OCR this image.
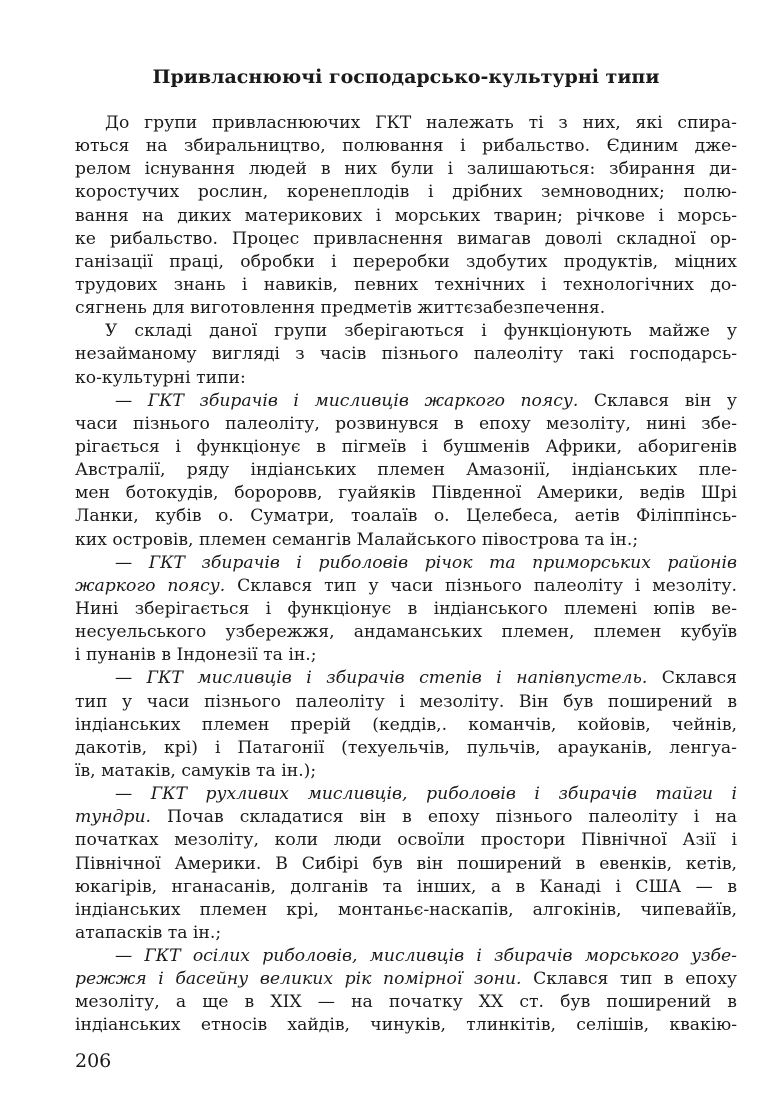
Привласнюючі господарсько-культурні типи
До групи привласнюючих ГКТ належать ті з них, які спира-
ються на збиральництво, полювання і рибальство. Єдиним дже-
релом існування людей в них були і залишаються: збирання ди-
коростучих рослин, коренеплодів і дрібних земноводних; полю-
вання на диких материкових і морських тварин; річкове і морсь-
ке рибальство. Процес привласнення вимагав доволі складної ор-
ганізації праці, обробки і переробки здобутих продуктів, міцних
трудових знань і навиків, певних технічних і технологічних до-
сягнень для виготовлення предметів життєзабезпечення.
У складі даної групи зберігаються і функціонують майже у
незайманому вигляді з часів пізнього палеоліту такі господарсь-
ко-культурні типи:
— ГКТ збирачів і мисливців жаркого поясу. Склався він у
часи пізнього палеоліту, розвинувся в епоху мезоліту, нині збе-
рігається і функціонує в пігмеїв і бушменів Африки, аборигенів
Австралії, ряду індіанських племен Амазонії, індіанських пле-
мен ботокудів, бороровв, гуайяків Південної Америки, ведів Шрі
Ланки, кубів о. Суматри, тоалаїв о. Целебеса, аетів Філіппінсь-
ких островів, племен семангів Малайського півострова та ін.;
— ГКТ збирачів і риболовів річок та приморських районів
жаркого поясу. Склався тип у часи пізнього палеоліту і мезоліту.
Нині зберігається і функціонує в індіанського племені юпів ве-
несуельського узбережжя, андаманських племен, племен кубуїв
і пунанів в Індонезії та ін.;
— ГКТ мисливців і збирачів степів і напівпустель. Склався
тип у часи пізнього палеоліту і мезоліту. Він був поширений в
індіанських племен прерій (кеддів,. команчів, койовів, чейнів,
дакотів, крі) і Патагонії (техуельчів, пульчів, арауканів, ленгуа-
їв, матаків, самуків та ін.);
— ГКТ рухливих мисливців, риболовів і збирачів тайги і
тундри. Почав складатися він в епоху пізнього палеоліту і на
початках мезоліту, коли люди освоїли простори Північної Азії і
Північної Америки. В Сибірі був він поширений в евенків, кетів,
юкагірів, нганасанів, долганів та інших, а в Канаді і США — в
індіанських племен крі, монтаньє-наскапів, алгокінів, чипевайїв,
атапасків та ін.;
— ГКТ осілих риболовів, мисливців і збирачів морського узбе-
режжя і басейну великих рік помірної зони. Склався тип в епоху
мезоліту, а ще в XIX — на початку XX ст. був поширений в
індіанських етносів хайдів, чинуків, тлинкітів, селішів, квакію-
206
